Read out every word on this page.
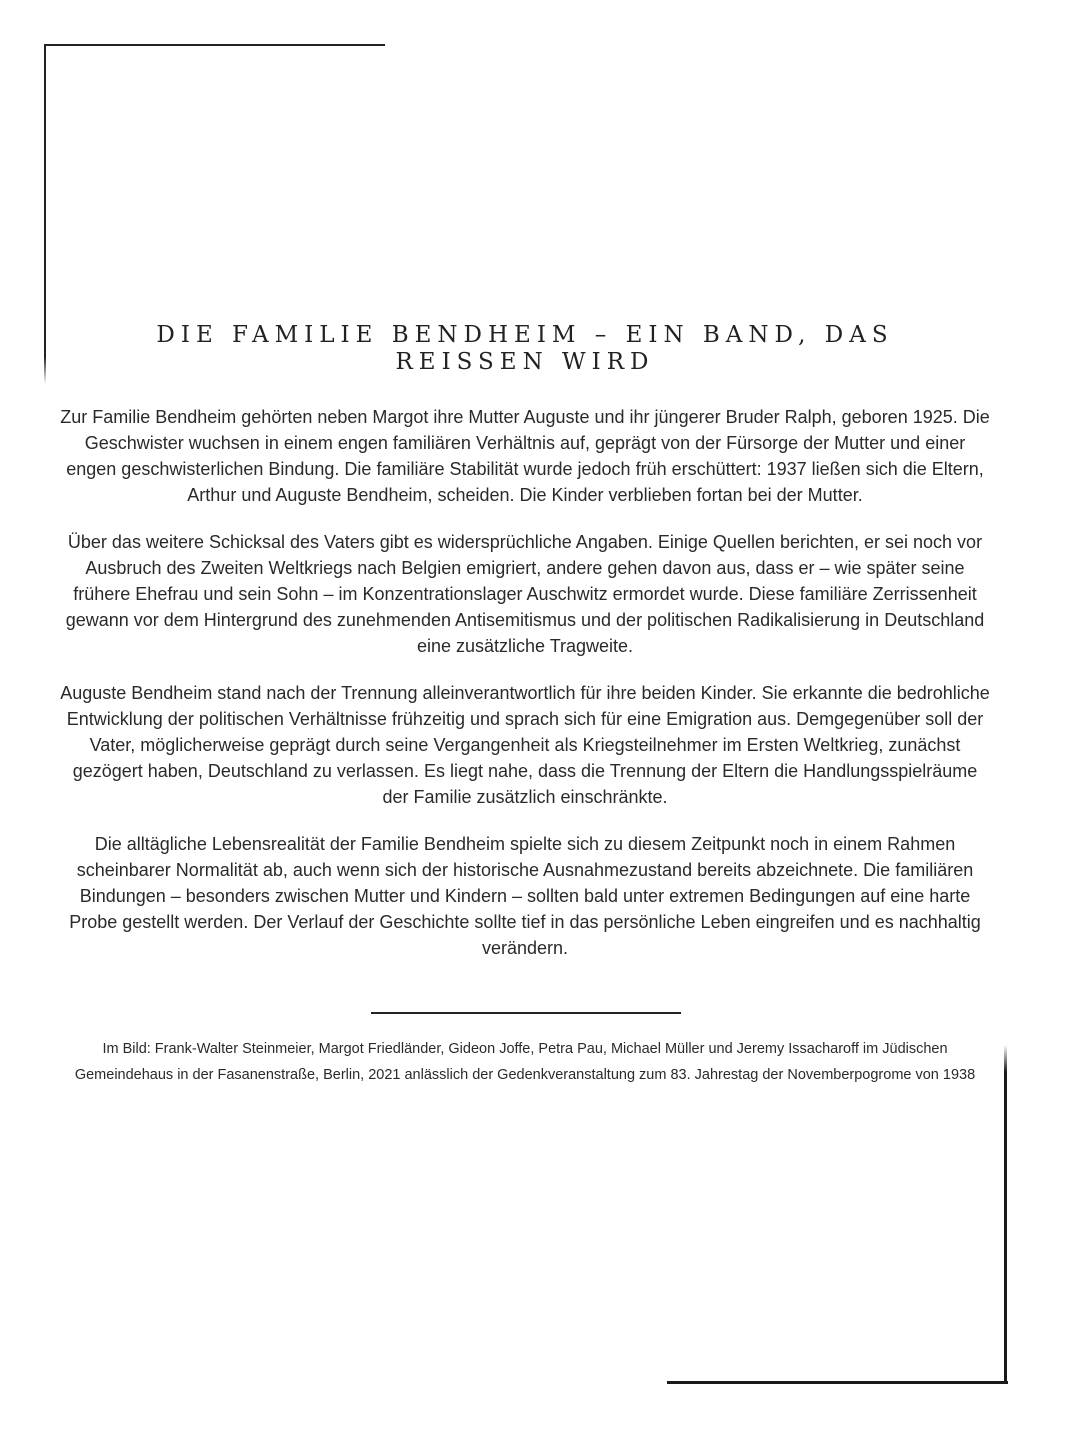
DIE FAMILIE BENDHEIM – EIN BAND, DAS REISSEN WIRD

Zur Familie Bendheim gehörten neben Margot ihre Mutter Auguste und ihr jüngerer Bruder Ralph, geboren 1925. Die Geschwister wuchsen in einem engen familiären Verhältnis auf, geprägt von der Fürsorge der Mutter und einer engen geschwisterlichen Bindung. Die familiäre Stabilität wurde jedoch früh erschüttert: 1937 ließen sich die Eltern, Arthur und Auguste Bendheim, scheiden. Die Kinder verblieben fortan bei der Mutter.

Über das weitere Schicksal des Vaters gibt es widersprüchliche Angaben. Einige Quellen berichten, er sei noch vor Ausbruch des Zweiten Weltkriegs nach Belgien emigriert, andere gehen davon aus, dass er – wie später seine frühere Ehefrau und sein Sohn – im Konzentrationslager Auschwitz ermordet wurde. Diese familiäre Zerrissenheit gewann vor dem Hintergrund des zunehmenden Antisemitismus und der politischen Radikalisierung in Deutschland eine zusätzliche Tragweite.

Auguste Bendheim stand nach der Trennung alleinverantwortlich für ihre beiden Kinder. Sie erkannte die bedrohliche Entwicklung der politischen Verhältnisse frühzeitig und sprach sich für eine Emigration aus. Demgegenüber soll der Vater, möglicherweise geprägt durch seine Vergangenheit als Kriegsteilnehmer im Ersten Weltkrieg, zunächst gezögert haben, Deutschland zu verlassen. Es liegt nahe, dass die Trennung der Eltern die Handlungsspielräume der Familie zusätzlich einschränkte.

Die alltägliche Lebensrealität der Familie Bendheim spielte sich zu diesem Zeitpunkt noch in einem Rahmen scheinbarer Normalität ab, auch wenn sich der historische Ausnahmezustand bereits abzeichnete. Die familiären Bindungen – besonders zwischen Mutter und Kindern – sollten bald unter extremen Bedingungen auf eine harte Probe gestellt werden. Der Verlauf der Geschichte sollte tief in das persönliche Leben eingreifen und es nachhaltig verändern.

Im Bild: Frank-Walter Steinmeier, Margot Friedländer, Gideon Joffe, Petra Pau, Michael Müller und Jeremy Issacharoff im Jüdischen Gemeindehaus in der Fasanenstraße, Berlin, 2021 anlässlich der Gedenkveranstaltung zum 83. Jahrestag der Novemberpogrome von 1938
